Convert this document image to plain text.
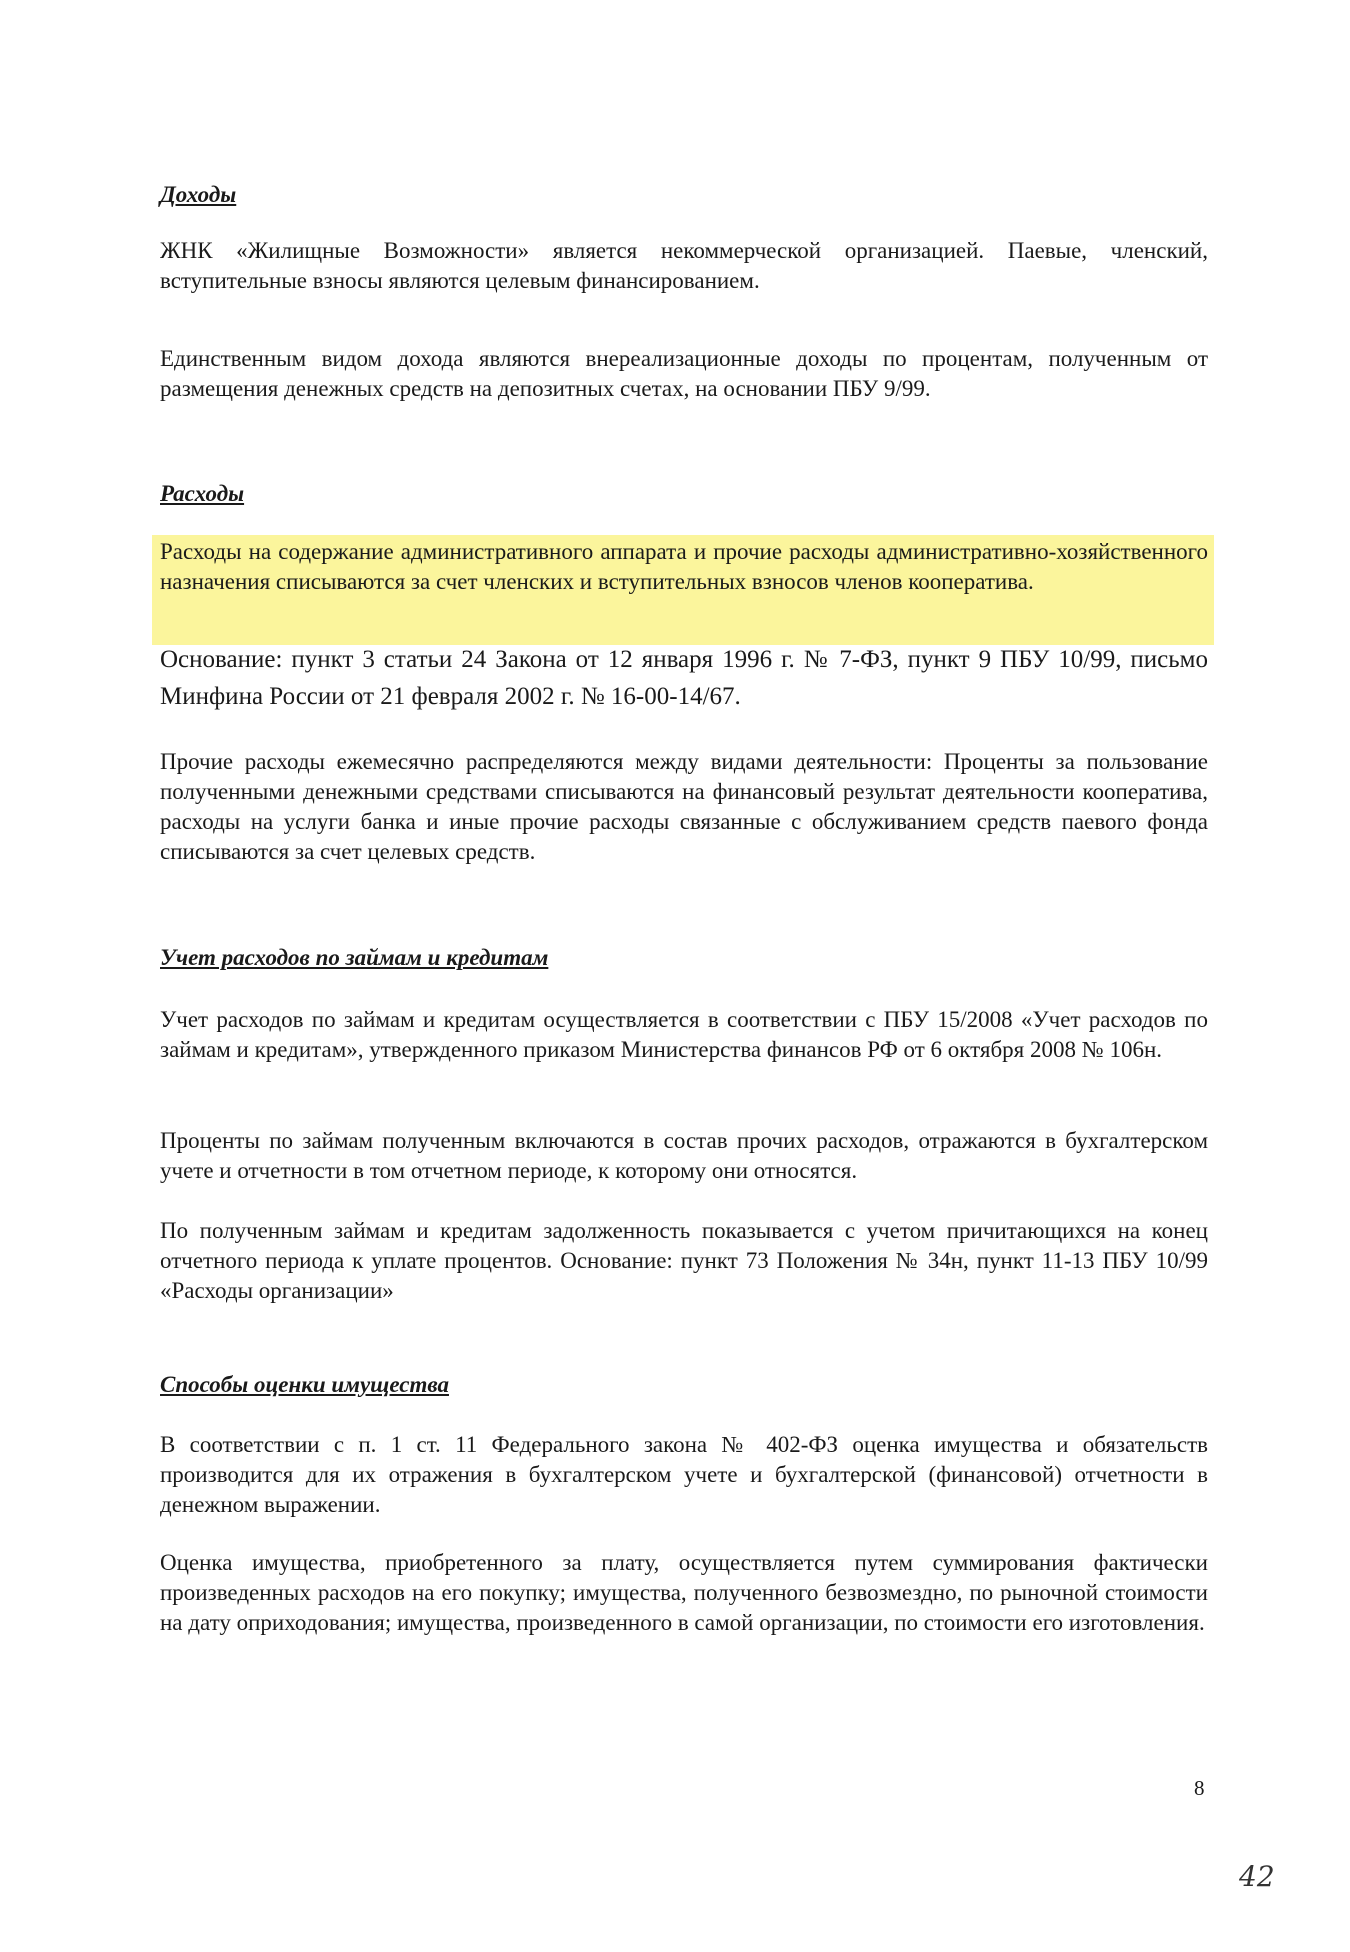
Доходы
ЖНК «Жилищные Возможности» является некоммерческой организацией. Паевые, членский, вступительные взносы являются целевым финансированием.
Единственным видом дохода являются внереализационные доходы по процентам, полученным от размещения денежных средств на депозитных счетах, на основании ПБУ 9/99.
Расходы
Расходы на содержание административного аппарата и прочие расходы административно-хозяйственного назначения списываются за счет членских и вступительных взносов членов кооператива.
Основание: пункт 3 статьи 24 Закона от 12 января 1996 г. № 7-ФЗ, пункт 9 ПБУ 10/99, письмо Минфина России от 21 февраля 2002 г. № 16-00-14/67.
Прочие расходы ежемесячно распределяются между видами деятельности: Проценты за пользование полученными денежными средствами списываются на финансовый результат деятельности кооператива, расходы на услуги банка и иные прочие расходы связанные с обслуживанием средств паевого фонда списываются за счет целевых средств.
Учет расходов по займам и кредитам
Учет расходов по займам и кредитам осуществляется в соответствии с ПБУ 15/2008 «Учет расходов по займам и кредитам», утвержденного приказом Министерства финансов РФ от 6 октября 2008 № 106н.
Проценты по займам полученным включаются в состав прочих расходов, отражаются в бухгалтерском учете и отчетности в том отчетном периоде, к которому они относятся.
По полученным займам и кредитам задолженность показывается с учетом причитающихся на конец отчетного периода к уплате процентов. Основание: пункт 73 Положения № 34н, пункт 11-13 ПБУ 10/99 «Расходы организации»
Способы оценки имущества
В соответствии с п. 1 ст. 11 Федерального закона № 402-ФЗ оценка имущества и обязательств производится для их отражения в бухгалтерском учете и бухгалтерской (финансовой) отчетности в денежном выражении.
Оценка имущества, приобретенного за плату, осуществляется путем суммирования фактически произведенных расходов на его покупку; имущества, полученного безвозмездно, по рыночной стоимости на дату оприходования; имущества, произведенного в самой организации, по стоимости его изготовления.
8
42
